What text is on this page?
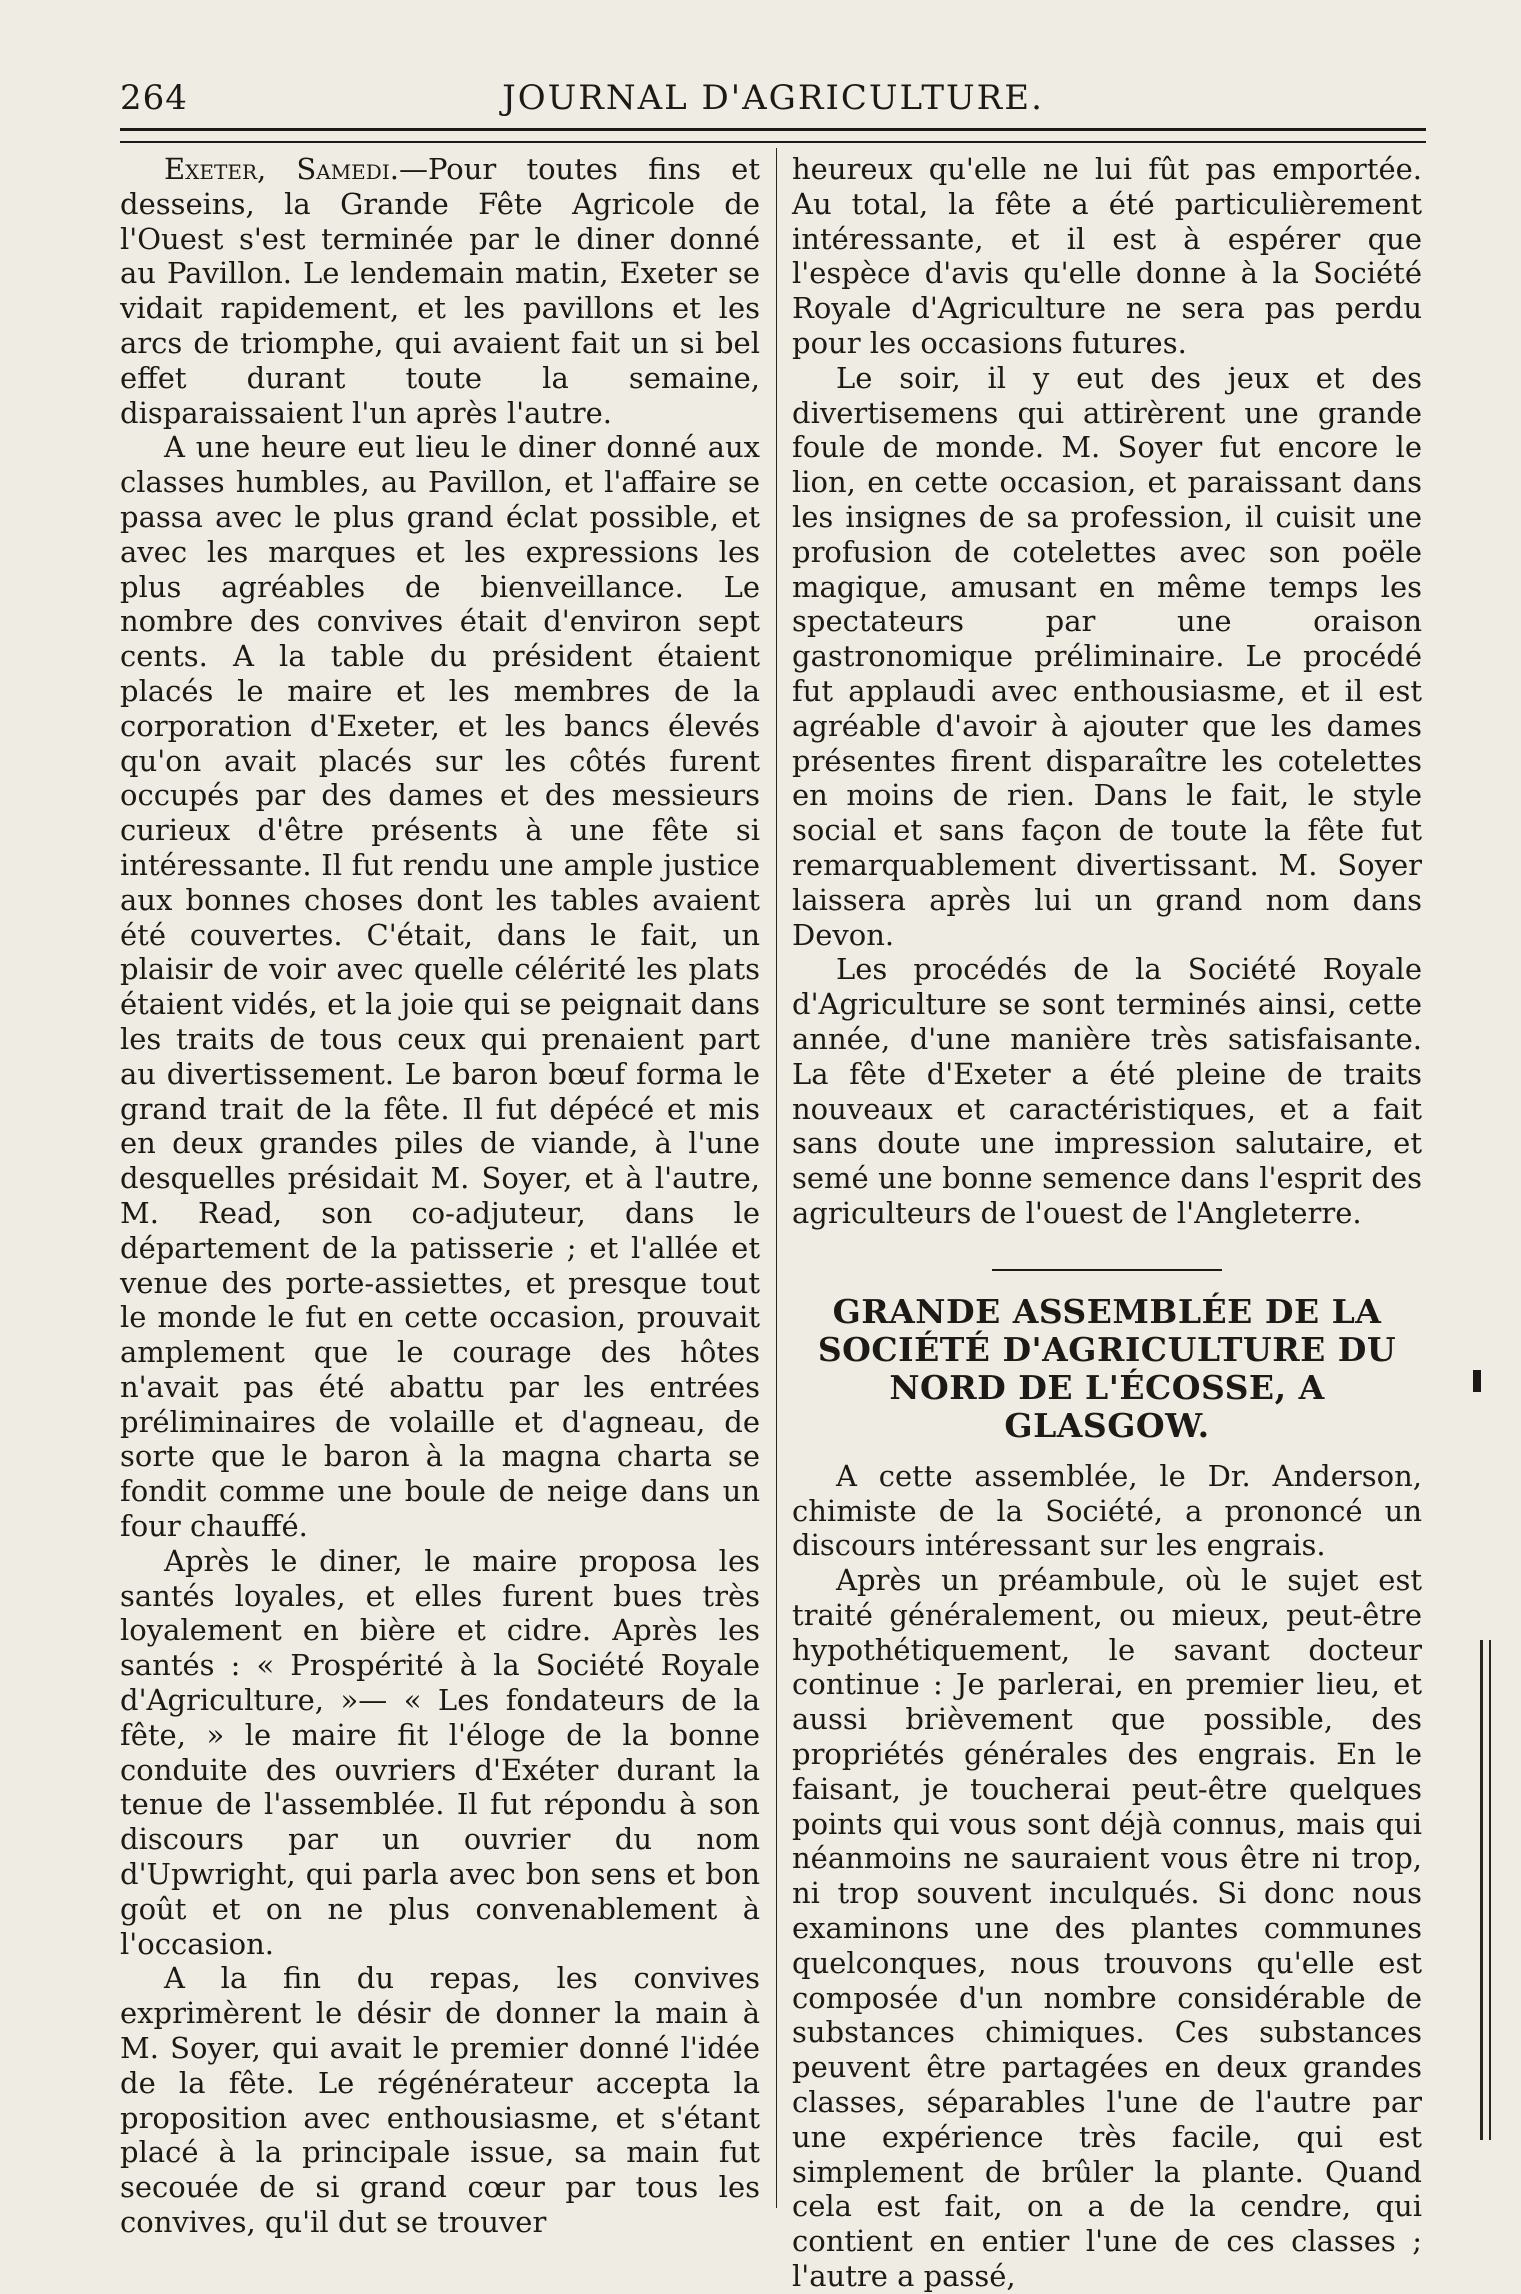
264	JOURNAL D'AGRICULTURE.

Exeter, Samedi.—Pour toutes fins et desseins, la Grande Fête Agricole de l'Ouest s'est terminée par le diner donné au Pavillon. Le lendemain matin, Exeter se vidait rapidement, et les pavillons et les arcs de triomphe, qui avaient fait un si bel effet durant toute la semaine, disparaissaient l'un après l'autre.

A une heure eut lieu le diner donné aux classes humbles, au Pavillon, et l'affaire se passa avec le plus grand éclat possible, et avec les marques et les expressions les plus agréables de bienveillance. Le nombre des convives était d'environ sept cents. A la table du président étaient placés le maire et les membres de la corporation d'Exeter, et les bancs élevés qu'on avait placés sur les côtés furent occupés par des dames et des messieurs curieux d'être présents à une fête si intéressante. Il fut rendu une ample justice aux bonnes choses dont les tables avaient été couvertes. C'était, dans le fait, un plaisir de voir avec quelle célérité les plats étaient vidés, et la joie qui se peignait dans les traits de tous ceux qui prenaient part au divertissement. Le baron bœuf forma le grand trait de la fête. Il fut dépécé et mis en deux grandes piles de viande, à l'une desquelles présidait M. Soyer, et à l'autre, M. Read, son co-adjuteur, dans le département de la patisserie ; et l'allée et venue des porte-assiettes, et presque tout le monde le fut en cette occasion, prouvait amplement que le courage des hôtes n'avait pas été abattu par les entrées préliminaires de volaille et d'agneau, de sorte que le baron à la magna charta se fondit comme une boule de neige dans un four chauffé.

Après le diner, le maire proposa les santés loyales, et elles furent bues très loyalement en bière et cidre. Après les santés : « Prospérité à la Société Royale d'Agriculture, »— « Les fondateurs de la fête, » le maire fit l'éloge de la bonne conduite des ouvriers d'Exéter durant la tenue de l'assemblée. Il fut répondu à son discours par un ouvrier du nom d'Upwright, qui parla avec bon sens et bon goût et on ne plus convenablement à l'occasion.

A la fin du repas, les convives exprimèrent le désir de donner la main à M. Soyer, qui avait le premier donné l'idée de la fête. Le régénérateur accepta la proposition avec enthousiasme, et s'étant placé à la principale issue, sa main fut secouée de si grand cœur par tous les convives, qu'il dut se trouver

heureux qu'elle ne lui fût pas emportée. Au total, la fête a été particulièrement intéressante, et il est à espérer que l'espèce d'avis qu'elle donne à la Société Royale d'Agriculture ne sera pas perdu pour les occasions futures.

Le soir, il y eut des jeux et des divertisemens qui attirèrent une grande foule de monde. M. Soyer fut encore le lion, en cette occasion, et paraissant dans les insignes de sa profession, il cuisit une profusion de cotelettes avec son poële magique, amusant en même temps les spectateurs par une oraison gastronomique préliminaire. Le procédé fut applaudi avec enthousiasme, et il est agréable d'avoir à ajouter que les dames présentes firent disparaître les cotelettes en moins de rien. Dans le fait, le style social et sans façon de toute la fête fut remarquablement divertissant. M. Soyer laissera après lui un grand nom dans Devon.

Les procédés de la Société Royale d'Agriculture se sont terminés ainsi, cette année, d'une manière très satisfaisante. La fête d'Exeter a été pleine de traits nouveaux et caractéristiques, et a fait sans doute une impression salutaire, et semé une bonne semence dans l'esprit des agriculteurs de l'ouest de l'Angleterre.

GRANDE ASSEMBLÉE DE LA SOCIÉTÉ D'AGRICULTURE DU NORD DE L'ÉCOSSE, A GLASGOW.

A cette assemblée, le Dr. Anderson, chimiste de la Société, a prononcé un discours intéressant sur les engrais.

Après un préambule, où le sujet est traité généralement, ou mieux, peut-être hypothétiquement, le savant docteur continue : Je parlerai, en premier lieu, et aussi brièvement que possible, des propriétés générales des engrais. En le faisant, je toucherai peut-être quelques points qui vous sont déjà connus, mais qui néanmoins ne sauraient vous être ni trop, ni trop souvent inculqués. Si donc nous examinons une des plantes communes quelconques, nous trouvons qu'elle est composée d'un nombre considérable de substances chimiques. Ces substances peuvent être partagées en deux grandes classes, séparables l'une de l'autre par une expérience très facile, qui est simplement de brûler la plante. Quand cela est fait, on a de la cendre, qui contient en entier l'une de ces classes ; l'autre a passé,
